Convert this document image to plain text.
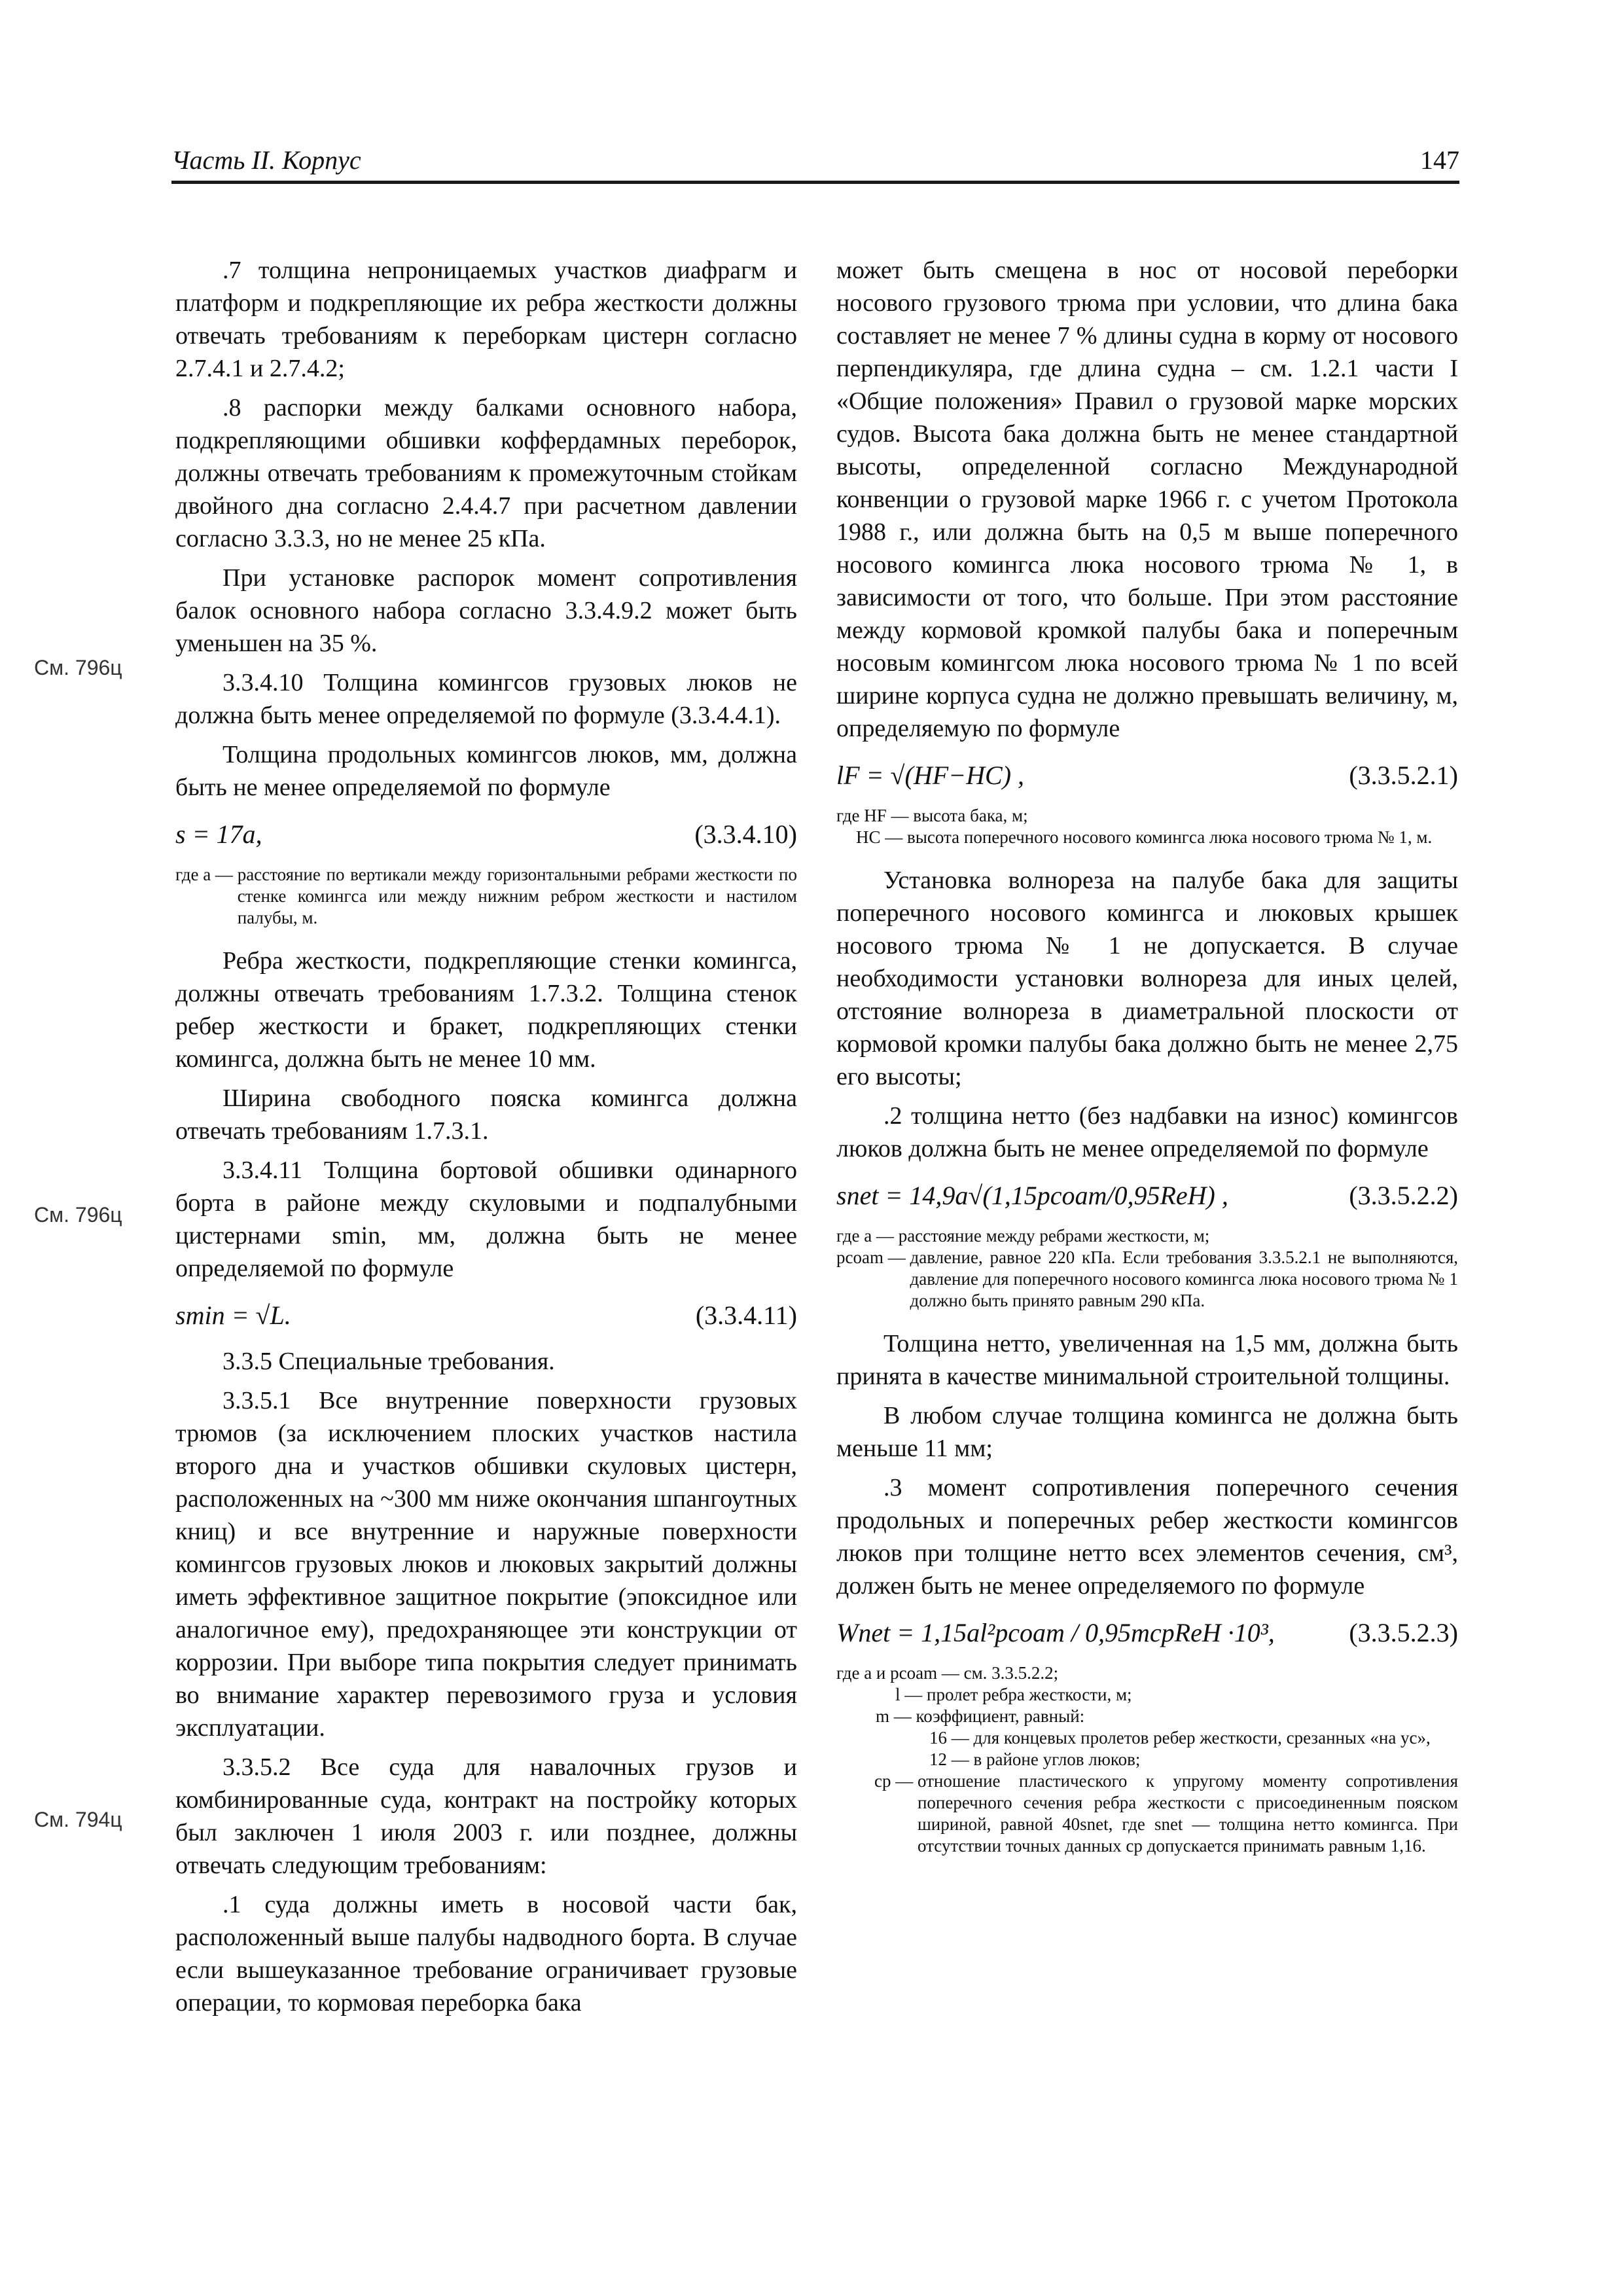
Часть II. Корпус	147
См. 796ц
См. 796ц
См. 794ц

.7 толщина непроницаемых участков диафрагм и платформ и подкрепляющие их ребра жесткости должны отвечать требованиям к переборкам цистерн согласно 2.7.4.1 и 2.7.4.2;

.8 распорки между балками основного набора, подкрепляющими обшивки коффердамных переборок, должны отвечать требованиям к промежуточным стойкам двойного дна согласно 2.4.4.7 при расчетном давлении согласно 3.3.3, но не менее 25 кПа.

При установке распорок момент сопротивления балок основного набора согласно 3.3.4.9.2 может быть уменьшен на 35 %.

3.3.4.10 Толщина комингсов грузовых люков не должна быть менее определяемой по формуле (3.3.4.4.1).

Толщина продольных комингсов люков, мм, должна быть не менее определяемой по формуле

s = 17a,	(3.3.4.10)
где a —
расстояние по вертикали между горизонтальными ребрами жесткости по стенке комингса или между нижним ребром жесткости и настилом палубы, м.

Ребра жесткости, подкрепляющие стенки комингса, должны отвечать требованиям 1.7.3.2. Толщина стенок ребер жесткости и бракет, подкрепляющих стенки комингса, должна быть не менее 10 мм.

Ширина свободного пояска комингса должна отвечать требованиям 1.7.3.1.

3.3.4.11 Толщина бортовой обшивки одинарного борта в районе между скуловыми и подпалубными цистернами smin, мм, должна быть не менее определяемой по формуле

smin = √L.	(3.3.4.11)

3.3.5 Специальные требования.

3.3.5.1 Все внутренние поверхности грузовых трюмов (за исключением плоских участков настила второго дна и участков обшивки скуловых цистерн, расположенных на ~300 мм ниже окончания шпангоутных книц) и все внутренние и наружные поверхности комингсов грузовых люков и люковых закрытий должны иметь эффективное защитное покрытие (эпоксидное или аналогичное ему), предохраняющее эти конструкции от коррозии. При выборе типа покрытия следует принимать во внимание характер перевозимого груза и условия эксплуатации.

3.3.5.2 Все суда для навалочных грузов и комбинированные суда, контракт на постройку которых был заключен 1 июля 2003 г. или позднее, должны отвечать следующим требованиям:

.1 суда должны иметь в носовой части бак, расположенный выше палубы надводного борта. В случае если вышеуказанное требование ограничивает грузовые операции, то кормовая переборка бака

может быть смещена в нос от носовой переборки носового грузового трюма при условии, что длина бака составляет не менее 7 % длины судна в корму от носового перпендикуляра, где длина судна – см. 1.2.1 части I «Общие положения» Правил о грузовой марке морских судов. Высота бака должна быть не менее стандартной высоты, определенной согласно Международной конвенции о грузовой марке 1966 г. с учетом Протокола 1988 г., или должна быть на 0,5 м выше поперечного носового комингса люка носового трюма № 1, в зависимости от того, что больше. При этом расстояние между кормовой кромкой палубы бака и поперечным носовым комингсом люка носового трюма № 1 по всей ширине корпуса судна не должно превышать величину, м, определяемую по формуле

lF = √(HF−HC) ,	(3.3.5.2.1)
где HF —
высота бака, м;
HC —
высота поперечного носового комингса люка носового трюма № 1, м.

Установка волнореза на палубе бака для защиты поперечного носового комингса и люковых крышек носового трюма № 1 не допускается. В случае необходимости установки волнореза для иных целей, отстояние волнореза в диаметральной плоскости от кормовой кромки палубы бака должно быть не менее 2,75 его высоты;

.2 толщина нетто (без надбавки на износ) комингсов люков должна быть не менее определяемой по формуле

snet = 14,9a√(1,15pcoam/0,95ReH) ,	(3.3.5.2.2)
где a —
расстояние между ребрами жесткости, м;
pcoam —
давление, равное 220 кПа. Если требования 3.3.5.2.1 не выполняются, давление для поперечного носового комингса люка носового трюма № 1 должно быть принято равным 290 кПа.

Толщина нетто, увеличенная на 1,5 мм, должна быть принята в качестве минимальной строительной толщины.

В любом случае толщина комингса не должна быть меньше 11 мм;

.3 момент сопротивления поперечного сечения продольных и поперечных ребер жесткости комингсов люков при толщине нетто всех элементов сечения, см³, должен быть не менее определяемого по формуле

Wnet = 1,15al²pcoam / 0,95mcpReH ·10³,	(3.3.5.2.3)
где a и pcoam — см. 3.3.5.2.2;
l — пролет ребра жесткости, м;
m — коэффициент, равный:
16 — для концевых пролетов ребер жесткости, срезанных «на ус»,
12 — в районе углов люков;
cp —
отношение пластического к упругому моменту сопротивления поперечного сечения ребра жесткости с присоединенным пояском шириной, равной 40snet, где snet — толщина нетто комингса. При отсутствии точных данных cp допускается принимать равным 1,16.
